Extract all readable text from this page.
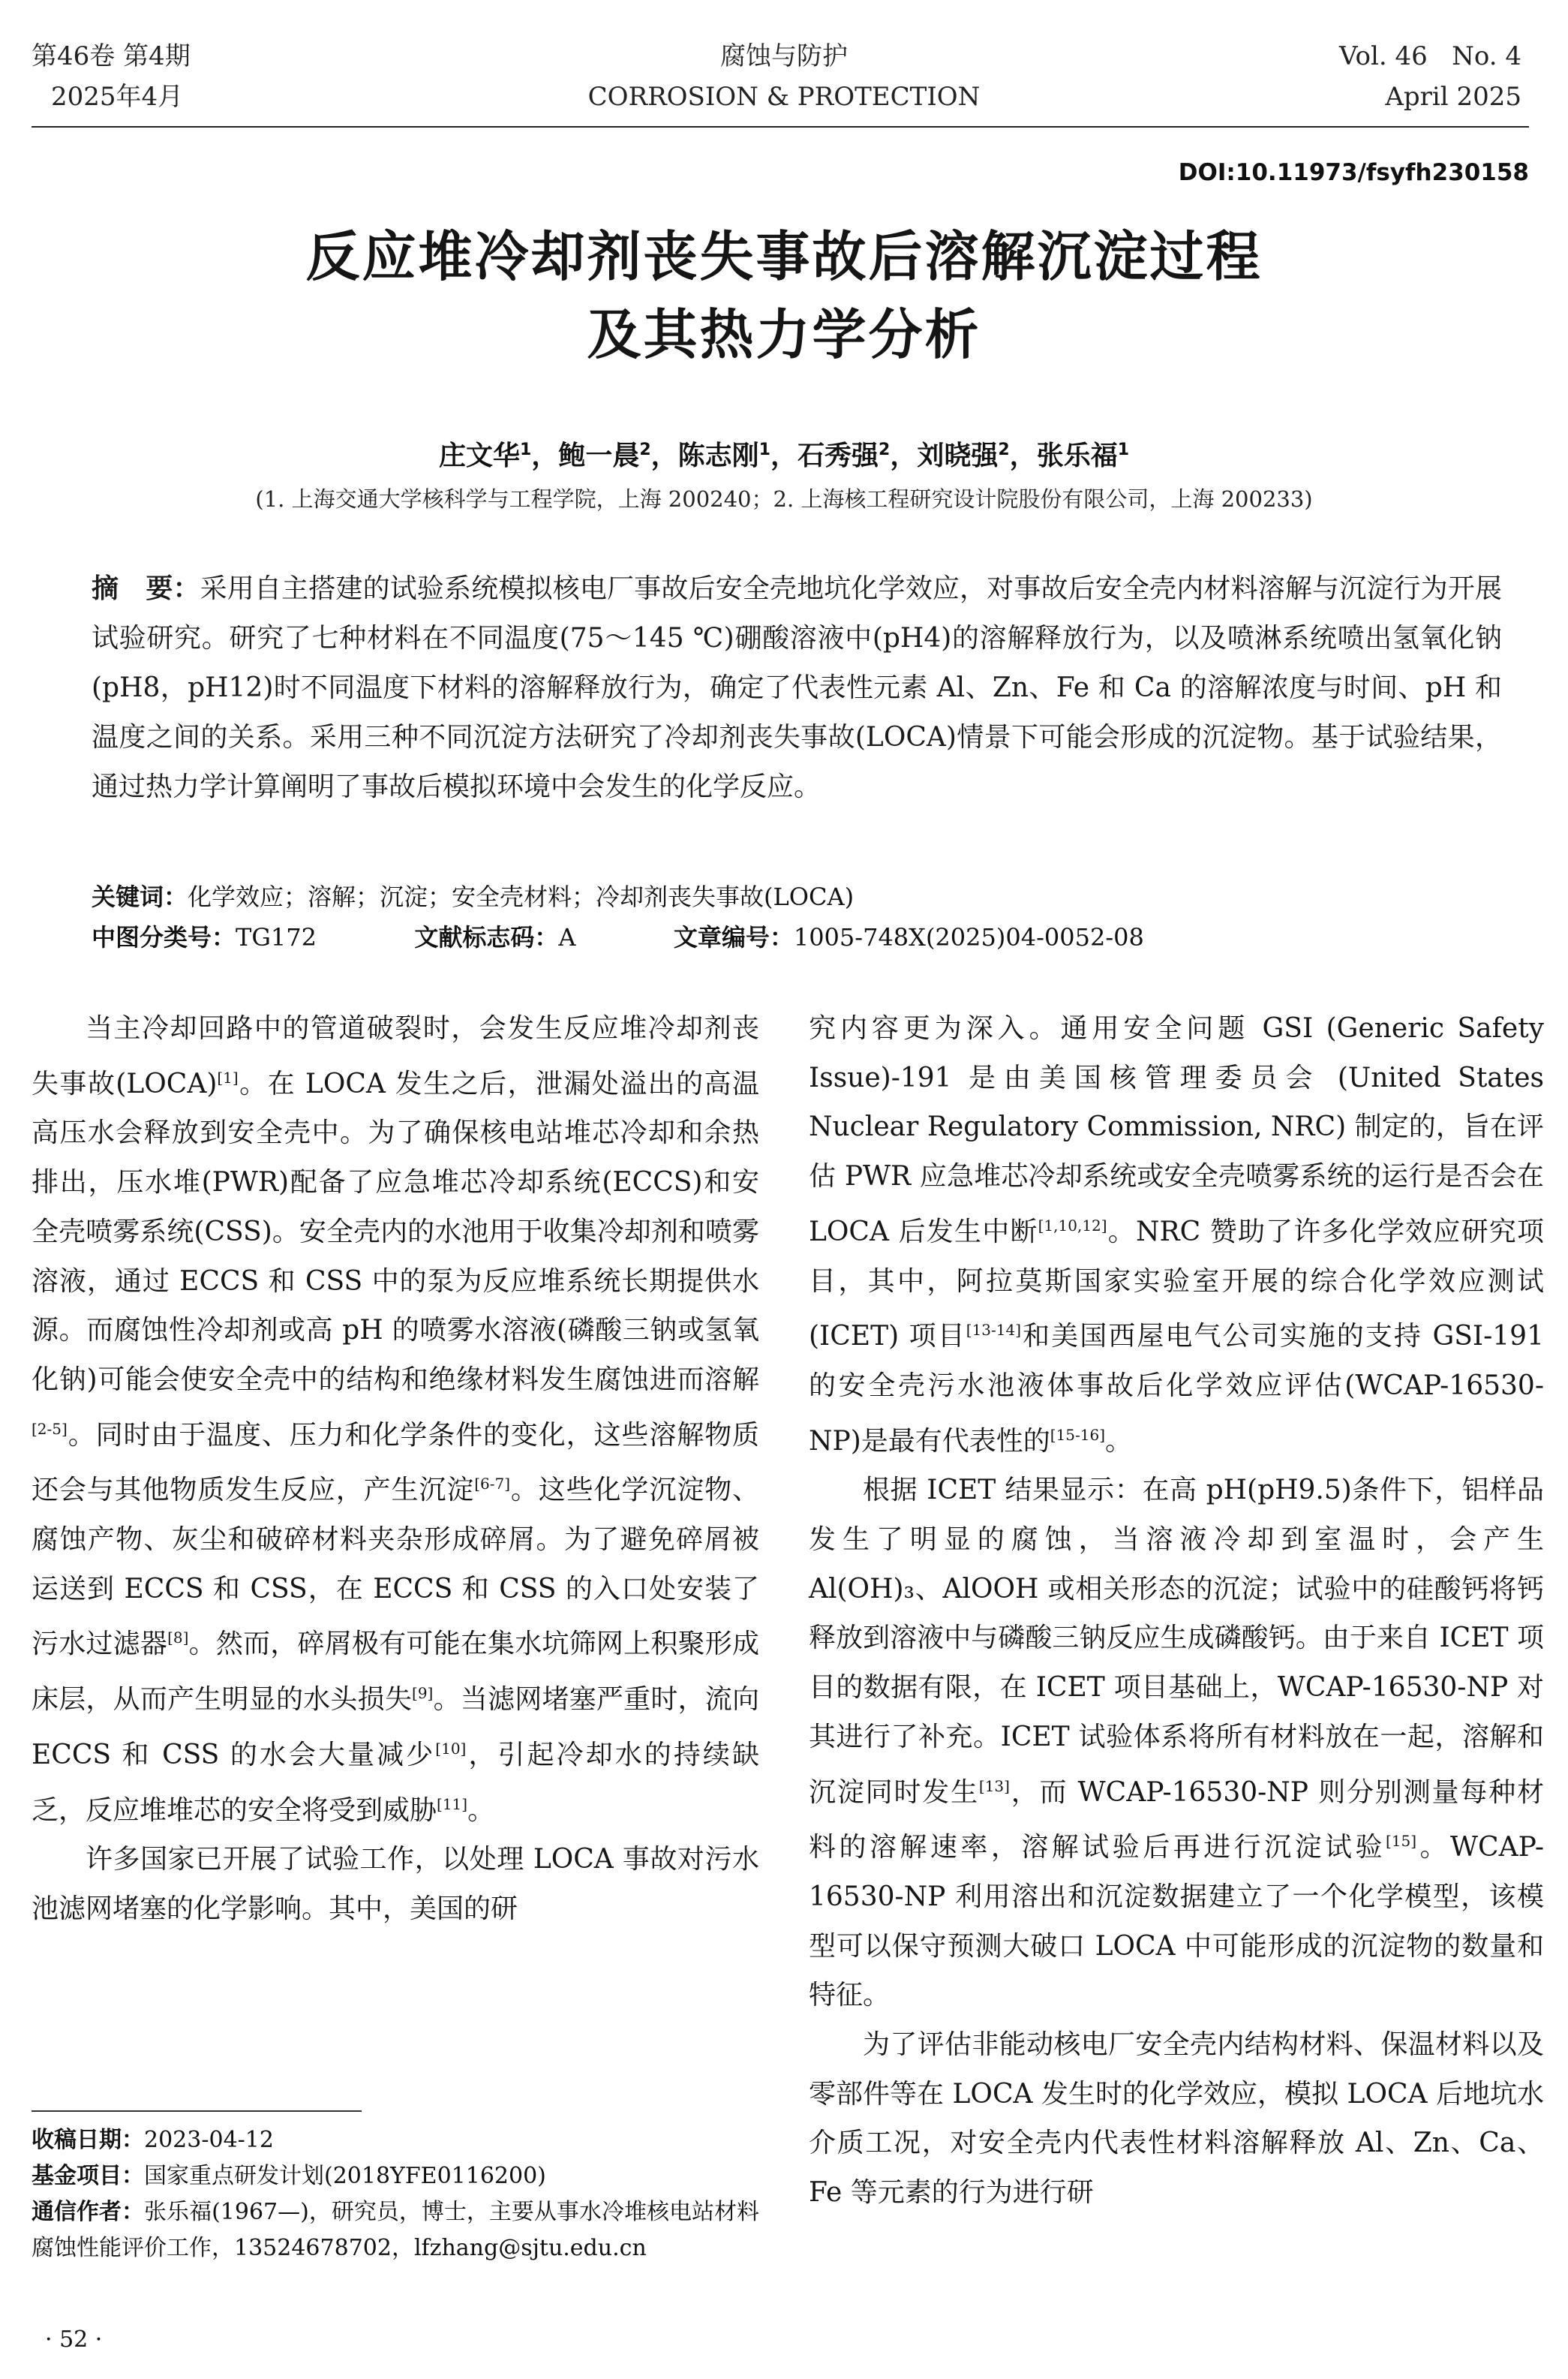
第46卷 第4期
2025年4月
腐蚀与防护
CORROSION & PROTECTION
Vol. 46   No. 4
April 2025
DOI:10.11973/fsyfh230158
反应堆冷却剂丧失事故后溶解沉淀过程
及其热力学分析
庄文华$^1$，鲍一晨$^2$，陈志刚$^1$，石秀强$^2$，刘晓强$^2$，张乐福$^1$
(1. 上海交通大学核科学与工程学院，上海 200240；2. 上海核工程研究设计院股份有限公司，上海 200233)
摘　要：采用自主搭建的试验系统模拟核电厂事故后安全壳地坑化学效应，对事故后安全壳内材料溶解与沉淀行为开展试验研究。研究了七种材料在不同温度(75～145 ℃)硼酸溶液中(pH4)的溶解释放行为，以及喷淋系统喷出氢氧化钠(pH8，pH12)时不同温度下材料的溶解释放行为，确定了代表性元素 Al、Zn、Fe 和 Ca 的溶解浓度与时间、pH 和温度之间的关系。采用三种不同沉淀方法研究了冷却剂丧失事故(LOCA)情景下可能会形成的沉淀物。基于试验结果，通过热力学计算阐明了事故后模拟环境中会发生的化学反应。
关键词：化学效应；溶解；沉淀；安全壳材料；冷却剂丧失事故(LOCA)
中图分类号：TG172	文献标志码：A	文章编号：1005-748X(2025)04-0052-08

当主冷却回路中的管道破裂时，会发生反应堆冷却剂丧失事故(LOCA)[1]。在 LOCA 发生之后，泄漏处溢出的高温高压水会释放到安全壳中。为了确保核电站堆芯冷却和余热排出，压水堆(PWR)配备了应急堆芯冷却系统(ECCS)和安全壳喷雾系统(CSS)。安全壳内的水池用于收集冷却剂和喷雾溶液，通过 ECCS 和 CSS 中的泵为反应堆系统长期提供水源。而腐蚀性冷却剂或高 pH 的喷雾水溶液(磷酸三钠或氢氧化钠)可能会使安全壳中的结构和绝缘材料发生腐蚀进而溶解[2-5]。同时由于温度、压力和化学条件的变化，这些溶解物质还会与其他物质发生反应，产生沉淀[6-7]。这些化学沉淀物、腐蚀产物、灰尘和破碎材料夹杂形成碎屑。为了避免碎屑被运送到 ECCS 和 CSS，在 ECCS 和 CSS 的入口处安装了污水过滤器[8]。然而，碎屑极有可能在集水坑筛网上积聚形成床层，从而产生明显的水头损失[9]。当滤网堵塞严重时，流向 ECCS 和 CSS 的水会大量减少[10]，引起冷却水的持续缺乏，反应堆堆芯的安全将受到威胁[11]。

许多国家已开展了试验工作，以处理 LOCA 事故对污水池滤网堵塞的化学影响。其中，美国的研

究内容更为深入。通用安全问题 GSI (Generic Safety Issue)-191 是由美国核管理委员会 (United States Nuclear Regulatory Commission, NRC) 制定的，旨在评估 PWR 应急堆芯冷却系统或安全壳喷雾系统的运行是否会在 LOCA 后发生中断[1,10,12]。NRC 赞助了许多化学效应研究项目，其中，阿拉莫斯国家实验室开展的综合化学效应测试(ICET) 项目[13-14]和美国西屋电气公司实施的支持 GSI-191 的安全壳污水池液体事故后化学效应评估(WCAP-16530-NP)是最有代表性的[15-16]。

根据 ICET 结果显示：在高 pH(pH9.5)条件下，铝样品发生了明显的腐蚀，当溶液冷却到室温时，会产生 Al(OH)₃、AlOOH 或相关形态的沉淀；试验中的硅酸钙将钙释放到溶液中与磷酸三钠反应生成磷酸钙。由于来自 ICET 项目的数据有限，在 ICET 项目基础上，WCAP-16530-NP 对其进行了补充。ICET 试验体系将所有材料放在一起，溶解和沉淀同时发生[13]，而 WCAP-16530-NP 则分别测量每种材料的溶解速率，溶解试验后再进行沉淀试验[15]。WCAP-16530-NP 利用溶出和沉淀数据建立了一个化学模型，该模型可以保守预测大破口 LOCA 中可能形成的沉淀物的数量和特征。

为了评估非能动核电厂安全壳内结构材料、保温材料以及零部件等在 LOCA 发生时的化学效应，模拟 LOCA 后地坑水介质工况，对安全壳内代表性材料溶解释放 Al、Zn、Ca、Fe 等元素的行为进行研

收稿日期：2023-04-12
基金项目：国家重点研发计划(2018YFE0116200)
通信作者：张乐福(1967—)，研究员，博士，主要从事水冷堆核电站材料腐蚀性能评价工作，13524678702，lfzhang@sjtu.edu.cn
· 52 ·
